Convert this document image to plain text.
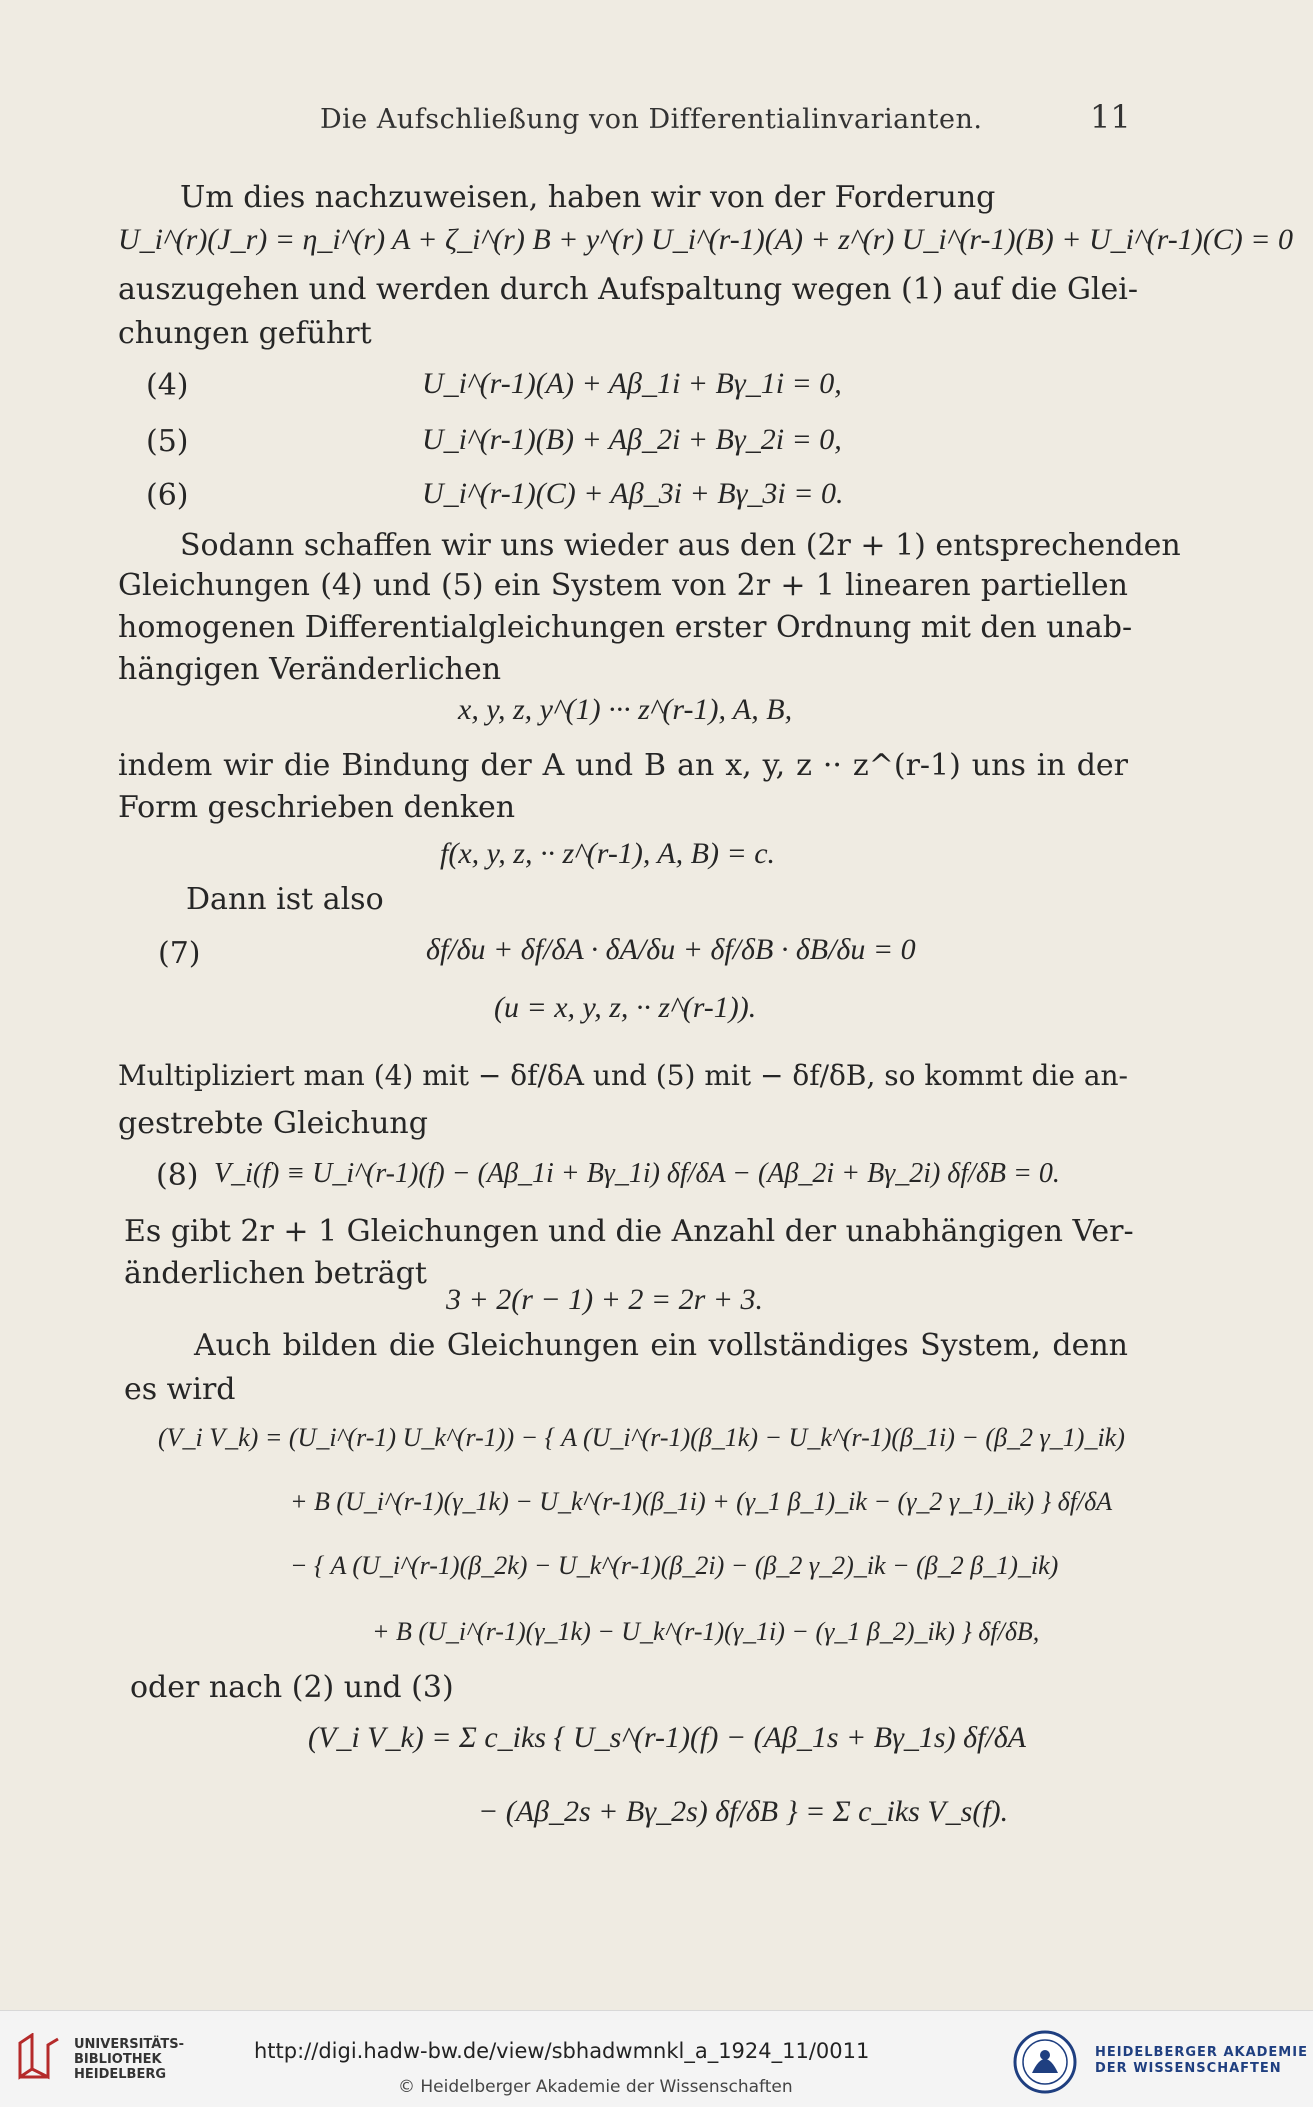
Die Aufschließung von Differentialinvarianten.	11
Um dies nachzuweisen, haben wir von der Forderung
U_i^(r)(J_r) = η_i^(r) A + ζ_i^(r) B + y^(r) U_i^(r-1)(A) + z^(r) U_i^(r-1)(B) + U_i^(r-1)(C) = 0
auszugehen und werden durch Aufspaltung wegen (1) auf die Glei-
chungen geführt
(4)	U_i^(r-1)(A) + Aβ_1i + Bγ_1i = 0,
(5)	U_i^(r-1)(B) + Aβ_2i + Bγ_2i = 0,
(6)	U_i^(r-1)(C) + Aβ_3i + Bγ_3i = 0.
Sodann schaffen wir uns wieder aus den (2r + 1) entsprechenden
Gleichungen (4) und (5) ein System von 2r + 1 linearen partiellen
homogenen Differentialgleichungen erster Ordnung mit den unab-
hängigen Veränderlichen
x, y, z, y^(1) ··· z^(r-1), A, B,
indem wir die Bindung der A und B an x, y, z ·· z^(r-1) uns in der
Form geschrieben denken
f(x, y, z, ·· z^(r-1), A, B) = c.
Dann ist also
(7)	δf/δu + δf/δA · δA/δu + δf/δB · δB/δu = 0
(u = x, y, z, ·· z^(r-1)).
Multipliziert man (4) mit − δf/δA und (5) mit − δf/δB, so kommt die an-
gestrebte Gleichung
(8) V_i(f) ≡ U_i^(r-1)(f) − (Aβ_1i + Bγ_1i) δf/δA − (Aβ_2i + Bγ_2i) δf/δB = 0.
Es gibt 2r + 1 Gleichungen und die Anzahl der unabhängigen Ver-
änderlichen beträgt
3 + 2(r − 1) + 2 = 2r + 3.
Auch bilden die Gleichungen ein vollständiges System, denn
es wird
(V_i V_k) = (U_i^(r-1) U_k^(r-1)) − { A (U_i^(r-1)(β_1k) − U_k^(r-1)(β_1i) − (β_2 γ_1)_ik)
+ B (U_i^(r-1)(γ_1k) − U_k^(r-1)(β_1i) + (γ_1 β_1)_ik − (γ_2 γ_1)_ik) } δf/δA
− { A (U_i^(r-1)(β_2k) − U_k^(r-1)(β_2i) − (β_2 γ_2)_ik − (β_2 β_1)_ik)
+ B (U_i^(r-1)(γ_1k) − U_k^(r-1)(γ_1i) − (γ_1 β_2)_ik) } δf/δB,
oder nach (2) und (3)
(V_i V_k) = Σ c_iks { U_s^(r-1)(f) − (Aβ_1s + Bγ_1s) δf/δA
− (Aβ_2s + Bγ_2s) δf/δB } = Σ c_iks V_s(f).
UNIVERSITÄTS-
BIBLIOTHEK
HEIDELBERG
http://digi.hadw-bw.de/view/sbhadwmnkl_a_1924_11/0011
© Heidelberger Akademie der Wissenschaften
HEIDELBERGER AKADEMIE
DER WISSENSCHAFTEN
